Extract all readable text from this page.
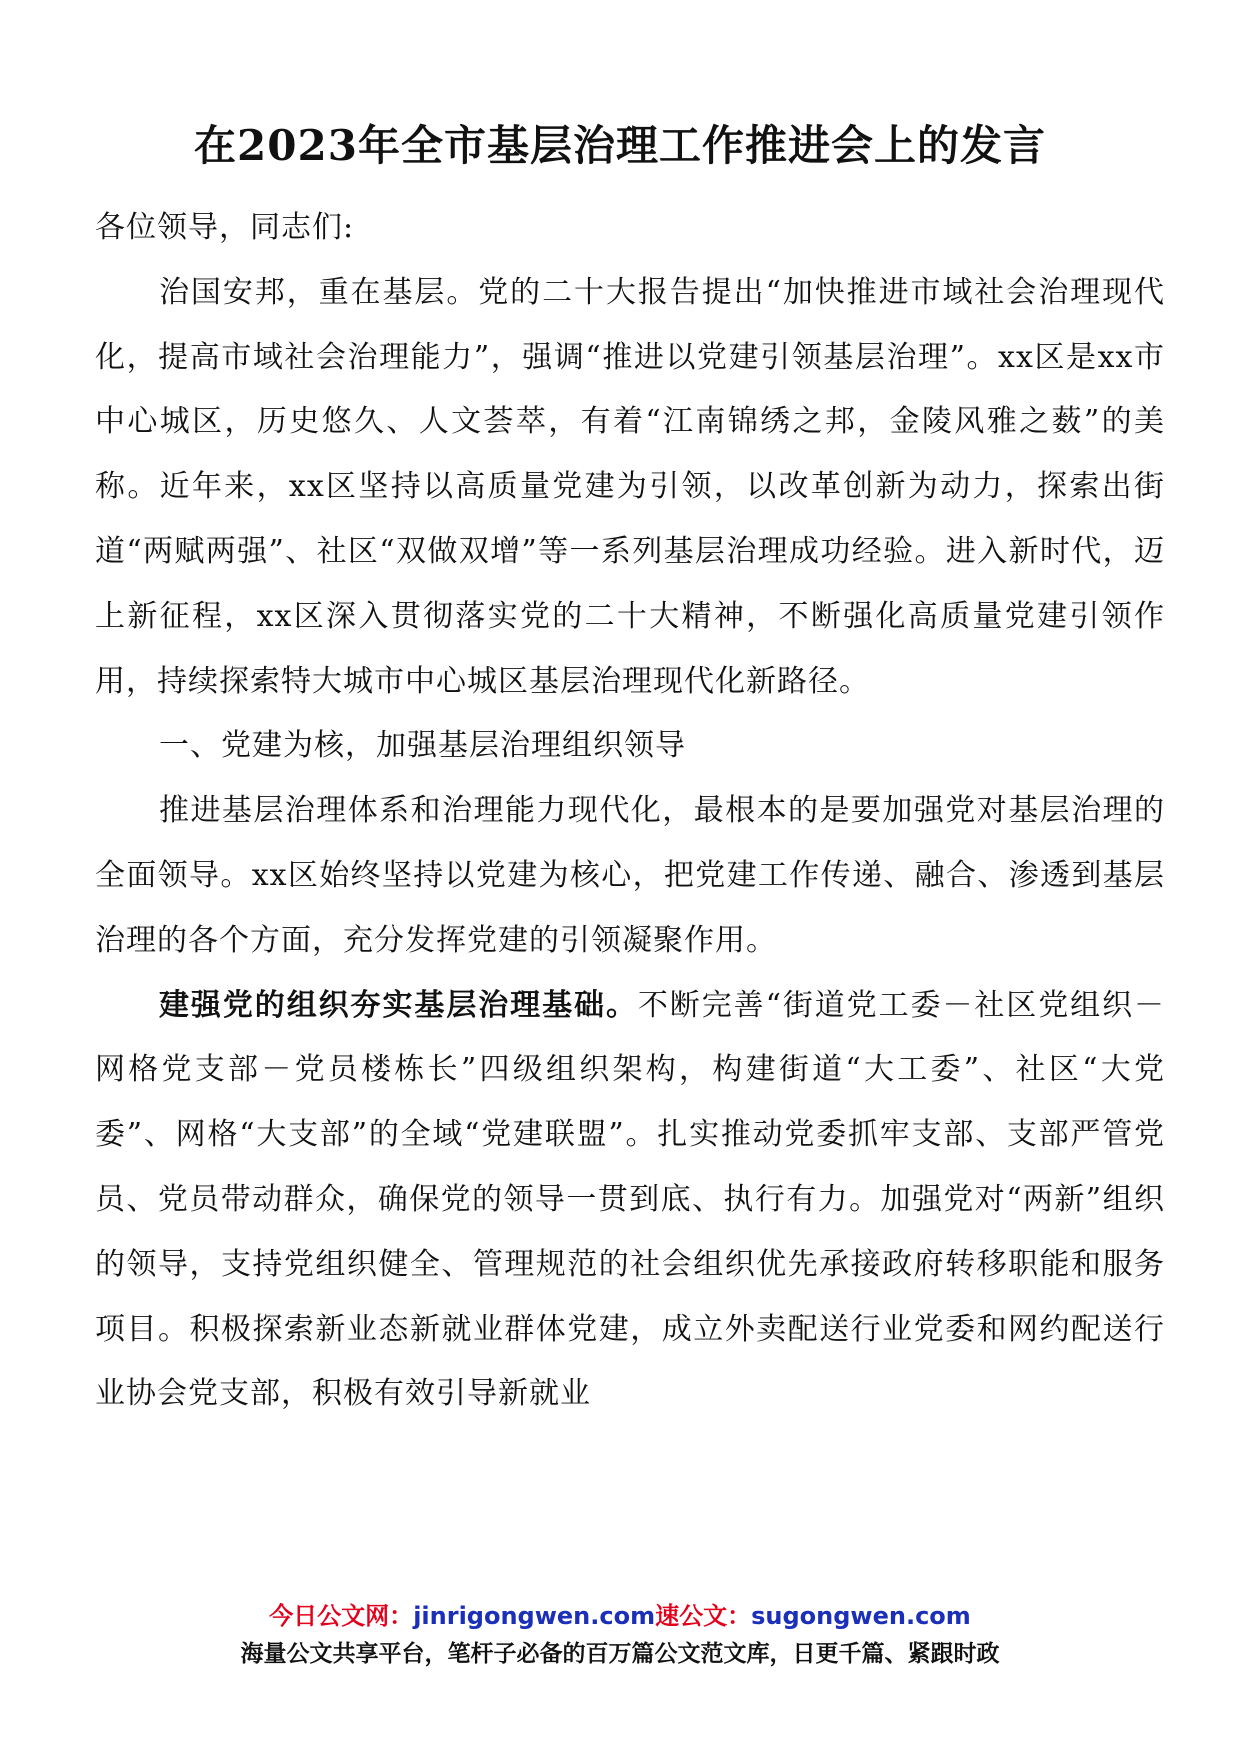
在2023年全市基层治理工作推进会上的发言

各位领导，同志们:

治国安邦，重在基层。党的二十大报告提出“加快推进市域社会治理现代化，提高市域社会治理能力”，强调“推进以党建引领基层治理”。xx区是xx市中心城区，历史悠久、人文荟萃，有着“江南锦绣之邦，金陵风雅之薮”的美称。近年来，xx区坚持以高质量党建为引领，以改革创新为动力，探索出街道“两赋两强”、社区“双做双增”等一系列基层治理成功经验。进入新时代，迈上新征程，xx区深入贯彻落实党的二十大精神，不断强化高质量党建引领作用，持续探索特大城市中心城区基层治理现代化新路径。

一、党建为核，加强基层治理组织领导

推进基层治理体系和治理能力现代化，最根本的是要加强党对基层治理的全面领导。xx区始终坚持以党建为核心，把党建工作传递、融合、渗透到基层治理的各个方面，充分发挥党建的引领凝聚作用。

建强党的组织夯实基层治理基础。不断完善“街道党工委－社区党组织－网格党支部－党员楼栋长”四级组织架构，构建街道“大工委”、社区“大党委”、网格“大支部”的全域“党建联盟”。扎实推动党委抓牢支部、支部严管党员、党员带动群众，确保党的领导一贯到底、执行有力。加强党对“两新”组织的领导，支持党组织健全、管理规范的社会组织优先承接政府转移职能和服务项目。积极探索新业态新就业群体党建，成立外卖配送行业党委和网约配送行业协会党支部，积极有效引导新就业

今日公文网：jinrigongwen.com速公文：sugongwen.com
海量公文共享平台，笔杆子必备的百万篇公文范文库，日更千篇、紧跟时政
